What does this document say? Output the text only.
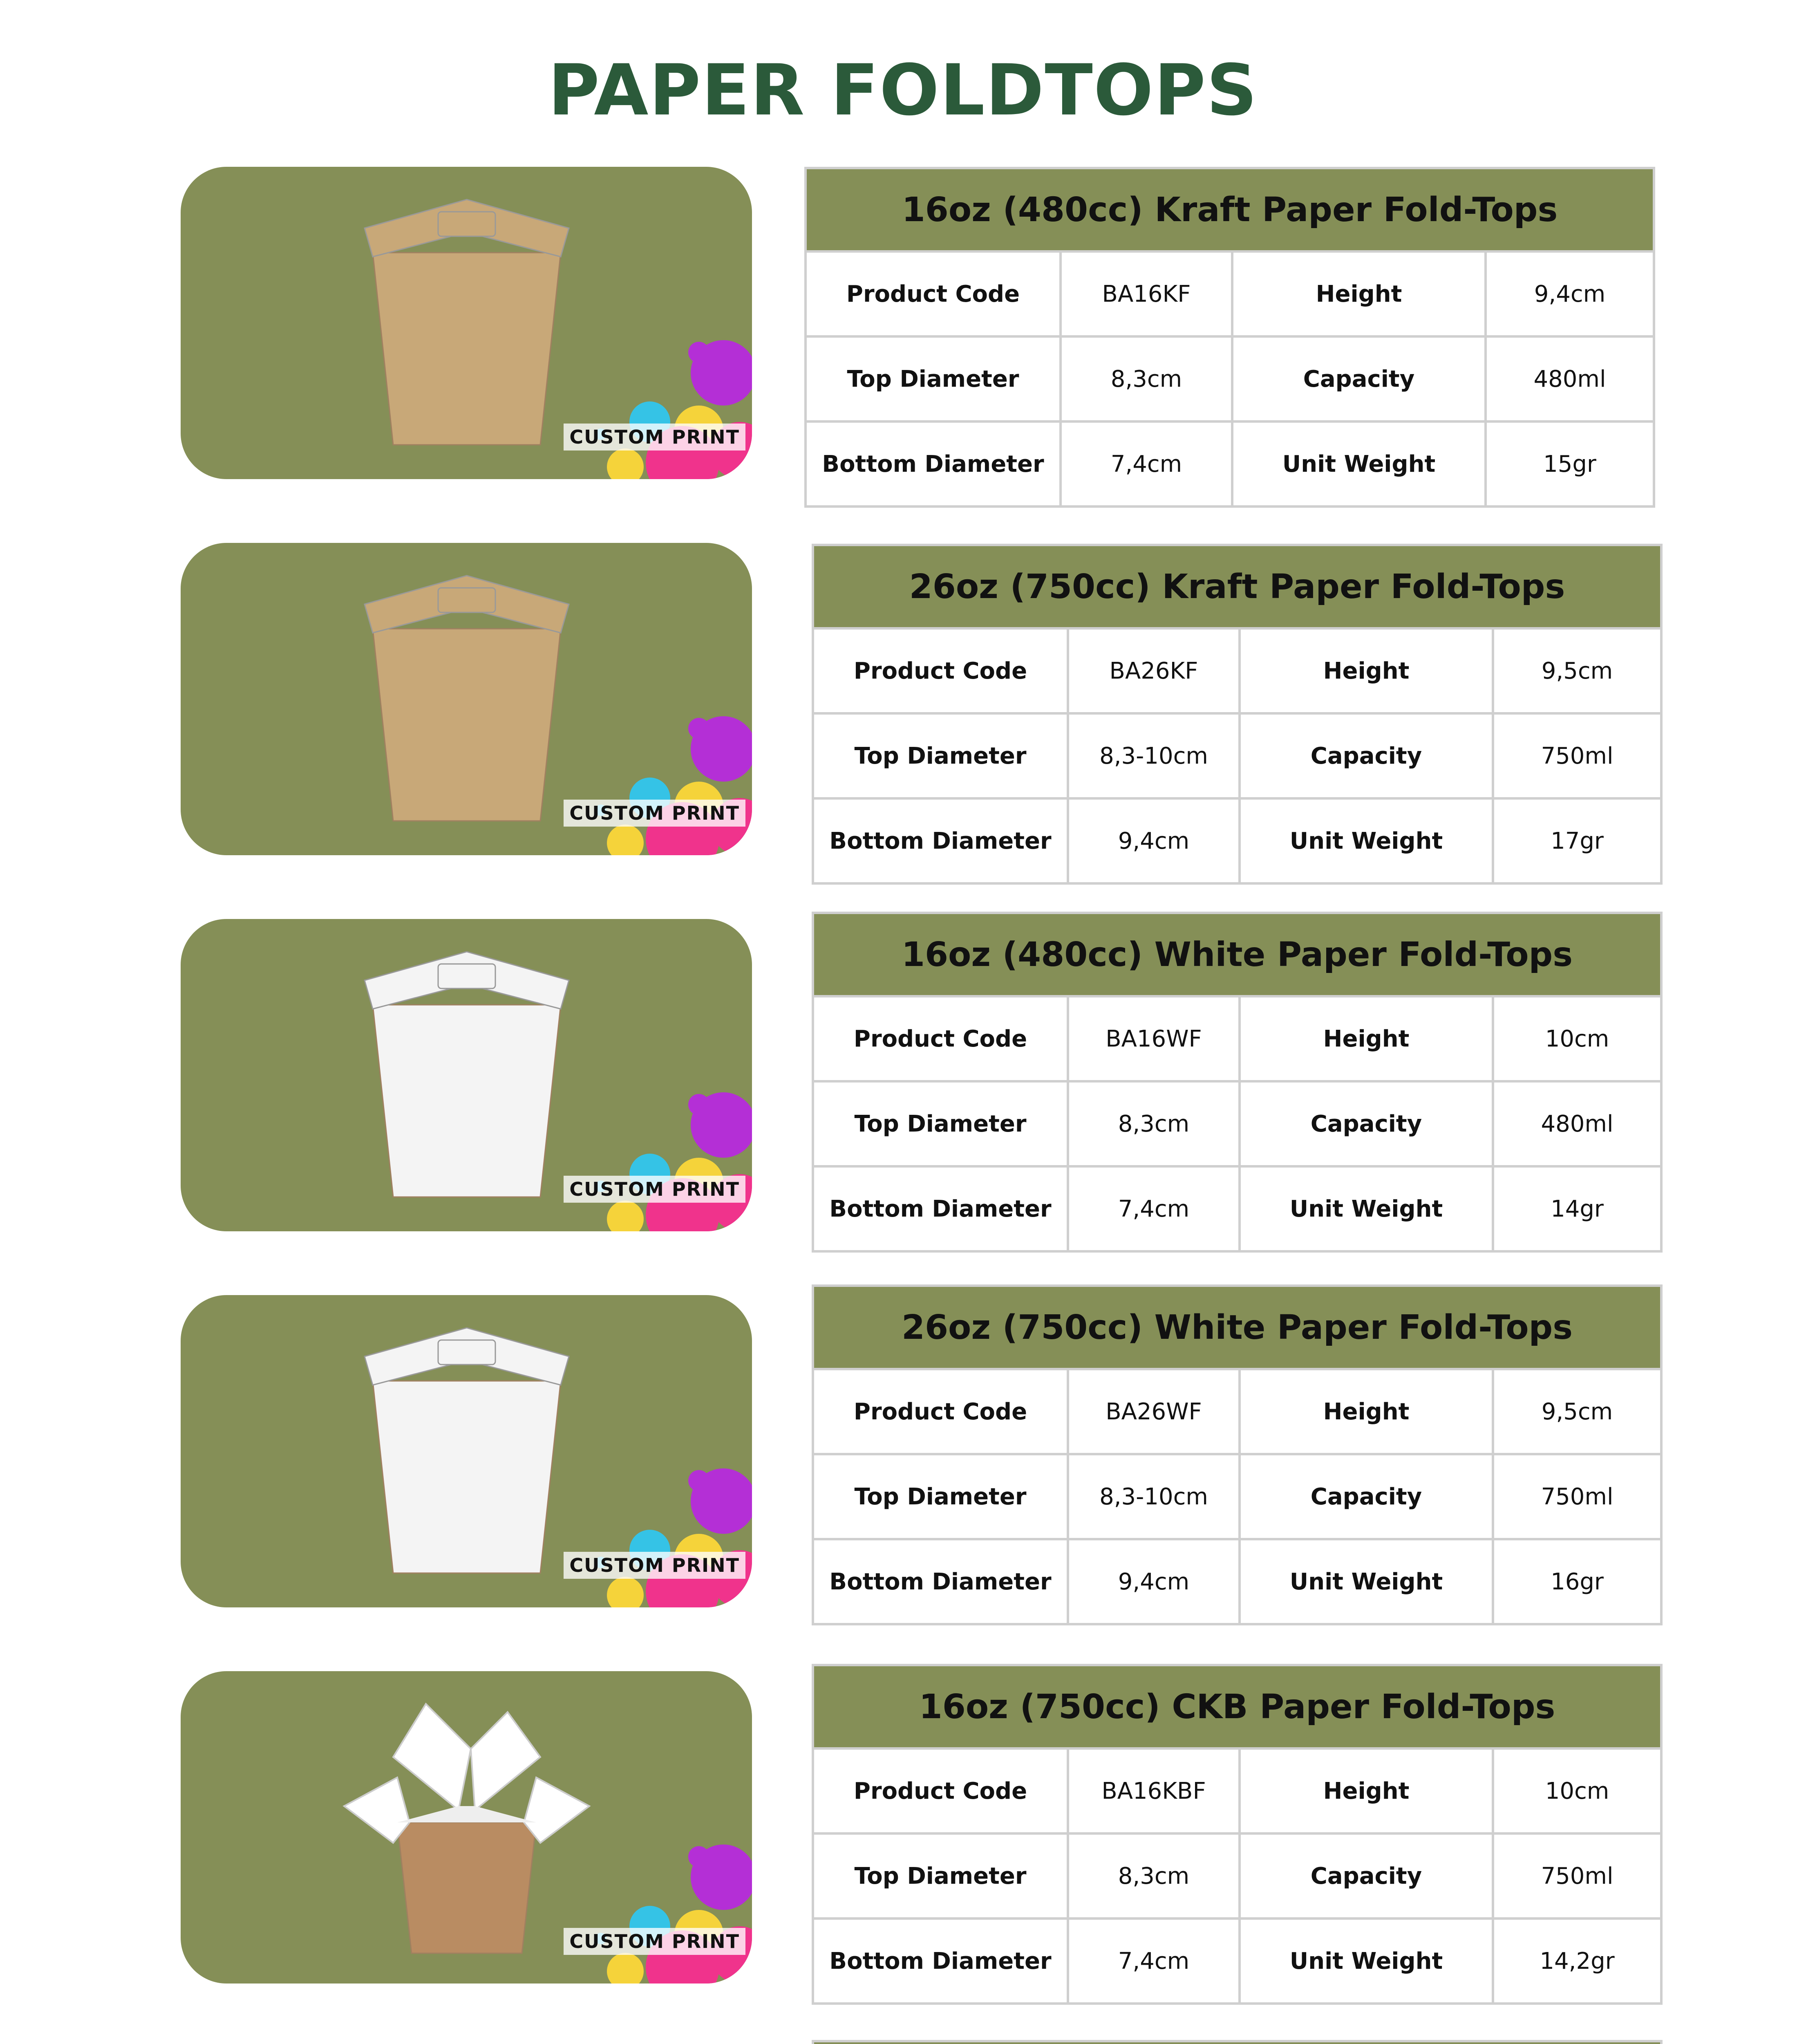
PAPER FOLDTOPS
CUSTOM PRINT
16oz (480cc) Kraft Paper Fold-Tops			
Product Code	BA16KF	Height	9,4cm
Top Diameter	8,3cm	Capacity	480ml
Bottom Diameter	7,4cm	Unit Weight	15gr
CUSTOM PRINT
26oz (750cc) Kraft Paper Fold-Tops			
Product Code	BA26KF	Height	9,5cm
Top Diameter	8,3-10cm	Capacity	750ml
Bottom Diameter	9,4cm	Unit Weight	17gr
CUSTOM PRINT
16oz (480cc) White Paper Fold-Tops			
Product Code	BA16WF	Height	10cm
Top Diameter	8,3cm	Capacity	480ml
Bottom Diameter	7,4cm	Unit Weight	14gr
CUSTOM PRINT
26oz (750cc) White Paper Fold-Tops			
Product Code	BA26WF	Height	9,5cm
Top Diameter	8,3-10cm	Capacity	750ml
Bottom Diameter	9,4cm	Unit Weight	16gr
CUSTOM PRINT
16oz (750cc) CKB Paper Fold-Tops			
Product Code	BA16KBF	Height	10cm
Top Diameter	8,3cm	Capacity	750ml
Bottom Diameter	7,4cm	Unit Weight	14,2gr
